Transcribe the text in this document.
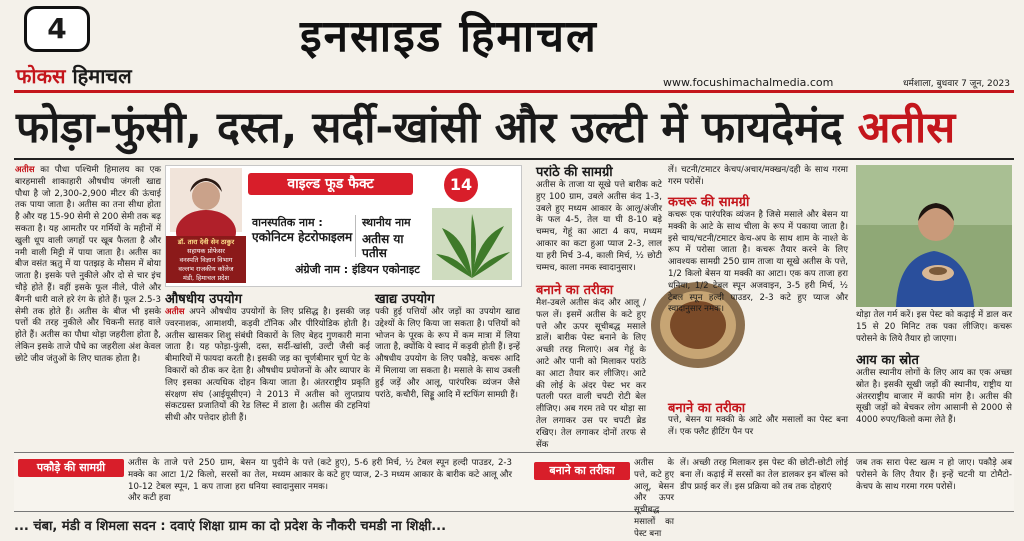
4	इनसाइड हिमाचल
फोकस हिमाचल	www.focushimachalmedia.com	धर्मशाला, बुधवार 7 जून, 2023
फोड़ा-फुंसी, दस्त, सर्दी-खांसी और उल्टी में फायदेमंद अतीस
अतीस का पौधा पश्चिमी हिमालय का एक बारहमासी शाकाहारी औषधीय जंगली खाद्य पौधा है जो 2,300-2,900 मीटर की ऊंचाई तक पाया जाता है। अतीस का तना सीधा होता है और यह 15-90 सेमी से 200 सेमी तक बढ़ सकता है। यह आमतौर पर गर्मियों के महीनों में खुली धूप वाली जगहों पर खूब फैलता है और नमी वाली मिट्टी में पाया जाता है। अतीस का बीज वसंत ऋतु में या पतझड़ के मौसम में बोया जाता है। इसके पत्ते नुकीले और दो से चार इंच चौड़े होते हैं। वहीं इसके फूल नीले, पीले और बैंगनी धारी वाले हरे रंग के होते हैं। फूल 2.5-3 सेमी तक होते हैं। अतीस के बीज भी इसके पत्तों की तरह नुकीले और चिकनी सतह वाले होते हैं। अतीस का पौधा थोड़ा जहरीला होता है, लेकिन इसके ताजे पौधे का जहरीला अंश केवल छोटे जीव जंतुओं के लिए घातक होता है।
डॉ. तारा देवी सेन ठाकुर
सहायक प्रोफेसर
वनस्पति विज्ञान विभाग
वल्लभ राजकीय कॉलेज
मंडी, हिमाचल प्रदेश
वाइल्ड फूड फैक्ट	14
वानस्पतिक नाम :
एकोनिटम हेटरोफाइलम
स्थानीय नाम
अतीस या पतीस
अंग्रेजी नाम : इंडियन एकोनाइट
औषधीय उपयोग
अतीस अपने औषधीय उपयोगों के लिए प्रसिद्ध है। इसकी जड़ ज्वरनाशक, आमाशयी, कड़वी टॉनिक और पीरियोडिक होती है। अतीस खासकर शिशु संबंधी विकारों के लिए बेहद गुणकारी माना जाता है। यह फोड़ा-फुंसी, दस्त, सर्दी-खांसी, उल्टी जैसी कई बीमारियों में फायदा करती है। इसकी जड़ का चूर्णबीमार चूर्ण पेट के विकारों को ठीक कर देता है। औषधीय प्रयोजनों के और व्यापार के लिए इसका अत्यधिक दोहन किया जाता है। अंतरराष्ट्रीय प्रकृति संरक्षण संघ (आईयूसीएन) ने 2013 में अतीस को लुप्तप्राय संकटग्रस्त प्रजातियों की रेड लिस्ट में डाला है। अतीस की टहनियां सीधी और पत्तेदार होती हैं।
खाद्य उपयोग
पकी हुई पत्तियों और जड़ों का उपयोग खाद्य उद्देश्यों के लिए किया जा सकता है। पत्तियों को भोजन के पूरक के रूप में कम मात्रा में लिया जाता है, क्योंकि ये स्वाद में कड़वी होती हैं। इन्हें औषधीय उपयोग के लिए पकौड़े, कचरू आदि में मिलाया जा सकता है। मसाले के साथ उबली हुई जड़ें और आलू, पारंपरिक व्यंजन जैसे परांठे, कचौरी, सिड्डू आदि में स्टफिंग सामग्री हैं।
परांठे की सामग्री
अतीस के ताजा या सूखे पत्ते बारीक कटे हुए 100 ग्राम, उबले अतीस कंद 1-3, उबले हुए मध्यम आकार के आलू/अंजीर के फल 4-5, तेल या घी 8-10 बड़े चम्मच, गेहूं का आटा 4 कप, मध्यम आकार का कटा हुआ प्याज 2-3, लाल या हरी मिर्च 3-4, काली मिर्च, ½ छोटी चम्मच, काला नमक स्वादानुसार।
बनाने का तरीका
मैश-उबले अतीस कंद और आलू / फल लें। इसमें अतीस के कटे हुए पत्ते और ऊपर सूचीबद्ध मसाले डालें। बारीक पेस्ट बनाने के लिए अच्छी तरह मिलाएं। अब गेहूं के आटे और पानी को मिलाकर परांठे का आटा तैयार कर लीजिए। आटे की लोई के अंदर पेस्ट भर कर पतली परत वाली चपटी रोटी बेल लीजिए। अब गरम तवे पर थोड़ा सा तेल लगाकर उस पर चपटी ब्रेड रखिए। तेल लगाकर दोनों तरफ से सेंक
लें। चटनी/टमाटर केचप/अचार/मक्खन/दही के साथ गरमा गरम परोसें।
कचरू की सामग्री
कचरू एक पारंपरिक व्यंजन है जिसे मसाले और बेसन या मक्की के आटे के साथ चीला के रूप में पकाया जाता है। इसे चाय/चटनी/टमाटर केच-अप के साथ शाम के नाश्ते के रूप में परोसा जाता है। कचरू तैयार करने के लिए आवश्यक सामग्री 250 ग्राम ताजा या सूखे अतीस के पत्ते, 1/2 किलो बेसन या मक्की का आटा। एक कप ताजा हरा धनिया, 1/2 टेबल स्पून अजवाइन, 3-5 हरी मिर्च, ½ टेबल स्पून हल्दी पाउडर, 2-3 कटे हुए प्याज और स्वादानुसार नमक।
बनाने का तरीका
पत्ते, बेसन या मक्की के आटे और मसालों का पेस्ट बना लें। एक फ्लैट हीटिंग पैन पर
थोड़ा तेल गर्म करें। इस पेस्ट को कढ़ाई में डाल कर 15 से 20 मिनिट तक पका लीजिए। कचरू परोसने के लिये तैयार हो जाएगा।
आय का स्रोत
अतीस स्थानीय लोगों के लिए आय का एक अच्छा स्रोत है। इसकी सूखी जड़ों की स्थानीय, राष्ट्रीय या अंतरराष्ट्रीय बाजार में काफी मांग है। अतीस की सूखी जड़ों को बेचकर लोग आसानी से 2000 से 4000 रुपए/किलो कमा लेते हैं।
पकौड़े की सामग्री	अतीस के ताजे पत्ते 250 ग्राम, बेसन या मक्के का आटा 1/2 किलो, सरसों का तेल, 10-12 टेबल स्पून, 1 कप ताजा हरा धनिया और कटी हवा
पुदीने के पत्ते (कटे हुए), 5-6 हरी मिर्च, ½ टेबल स्पून हल्दी पाउडर, 2-3 मध्यम आकार के कटे हुए प्याज, 2-3 मध्यम आकार के बारीक कटे आलू और स्वादानुसार नमक।
बनाने का तरीका
अतीस के पत्ते, कटे हुए आलू, बेसन और ऊपर सूचीबद्ध मसालों का पेस्ट बना
लें। अच्छी तरह मिलाकर इस पेस्ट की छोटी-छोटी लोई बना लें। कढ़ाई में सरसों का तेल डालकर इन बॉल्स को डीप फ्राई कर लें। इस प्रक्रिया को तब तक दोहराएं
जब तक सारा पेस्ट खत्म न हो जाए। पकौड़े अब परोसने के लिए तैयार हैं। इन्हें चटनी या टोमैटो-केचप के साथ गरमा गरम परोसें।
... चंबा, मंडी व शिमला सदन : दवाएं शिक्षा ग्राम का दो प्रदेश के नौकरी चमडी ना शिक्षी...
